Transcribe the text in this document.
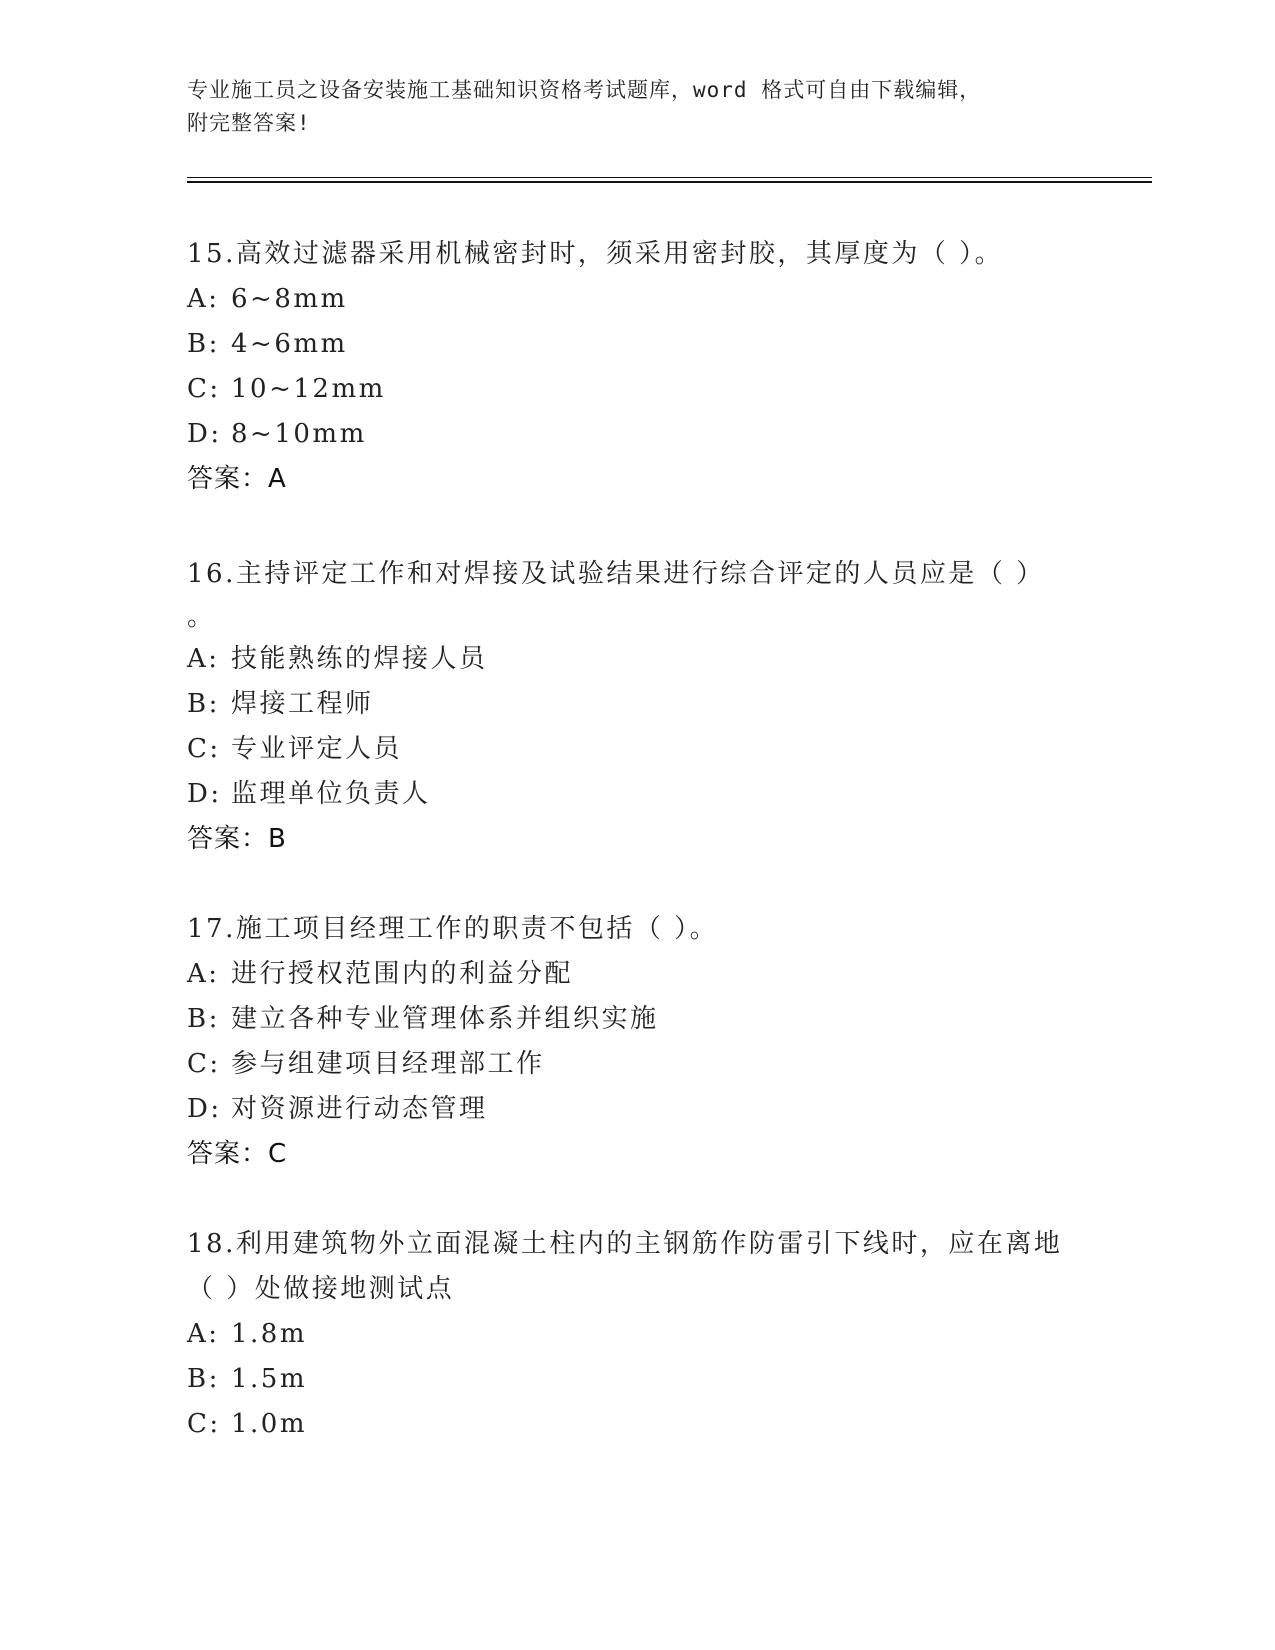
专业施工员之设备安装施工基础知识资格考试题库，word 格式可自由下载编辑，
附完整答案!

15.高效过滤器采用机械密封时，须采用密封胶，其厚度为（ ）。

A: 6~8mm

B: 4~6mm

C: 10~12mm

D: 8~10mm

答案：A

16.主持评定工作和对焊接及试验结果进行综合评定的人员应是（ ）

。

A: 技能熟练的焊接人员

B: 焊接工程师

C: 专业评定人员

D: 监理单位负责人

答案：B

17.施工项目经理工作的职责不包括（ ）。

A: 进行授权范围内的利益分配

B: 建立各种专业管理体系并组织实施

C: 参与组建项目经理部工作

D: 对资源进行动态管理

答案：C

18.利用建筑物外立面混凝土柱内的主钢筋作防雷引下线时，应在离地

（ ）处做接地测试点

A: 1.8m

B: 1.5m

C: 1.0m
